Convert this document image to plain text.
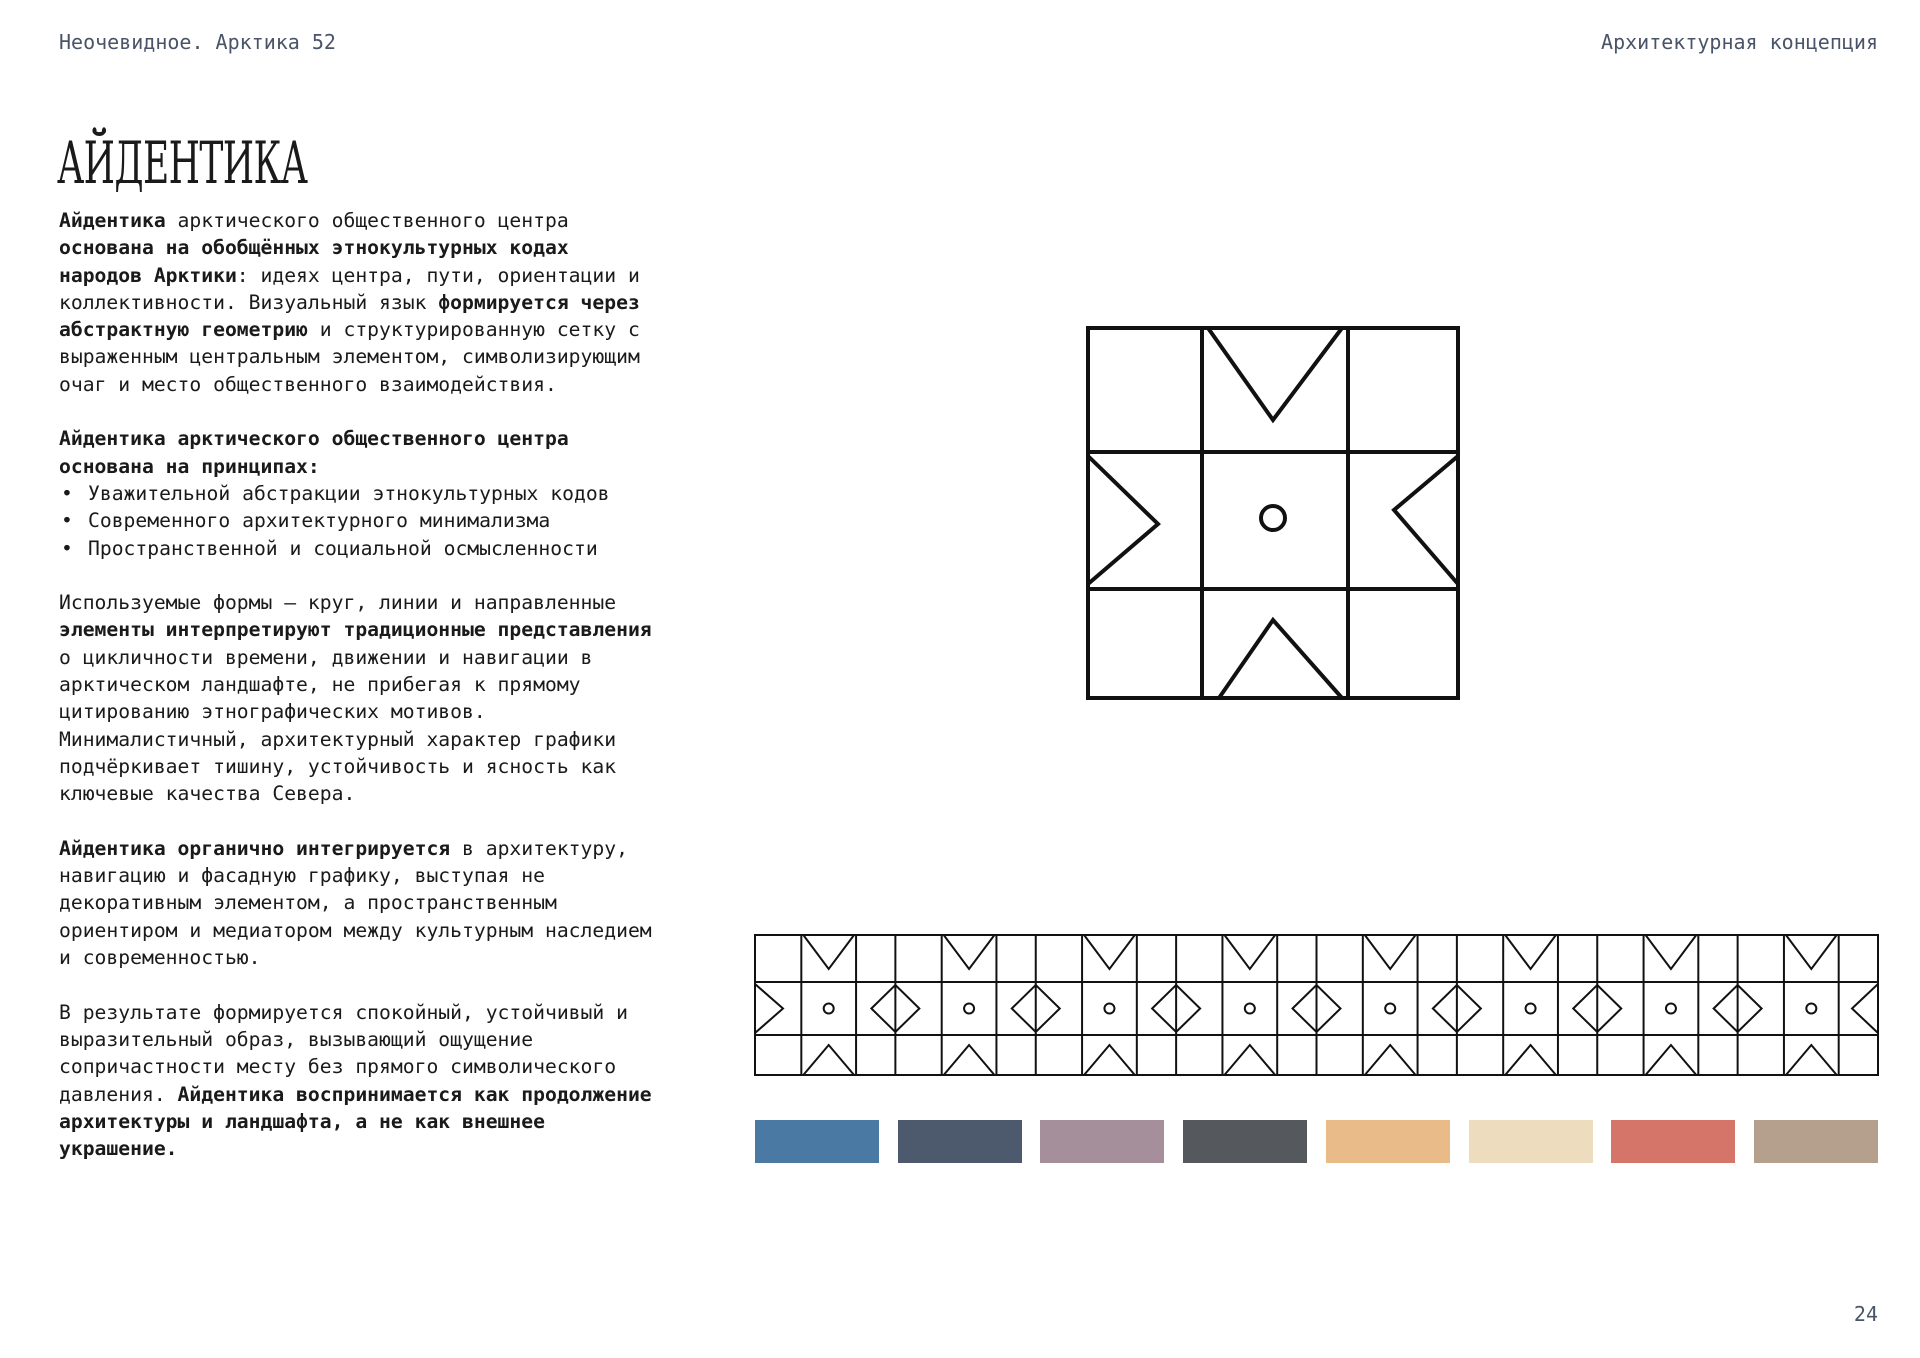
Неочевидное. Арктика 52	Архитектурная концепция
АЙДЕНТИКА

Айдентика арктического общественного центра основана на обобщённых этнокультурных кодах народов Арктики: идеях центра, пути, ориентации и коллективности. Визуальный язык формируется через абстрактную геометрию и структурированную сетку с выраженным центральным элементом, символизирующим очаг и место общественного взаимодействия.

Айдентика арктического общественного центра основана на принципах:

• Уважительной абстракции этнокультурных кодов
• Современного архитектурного минимализма
• Пространственной и социальной осмысленности

Используемые формы — круг, линии и направленные элементы интерпретируют традиционные представления о цикличности времени, движении и навигации в арктическом ландшафте, не прибегая к прямому цитированию этнографических мотивов. Минималистичный, архитектурный характер графики подчёркивает тишину, устойчивость и ясность как ключевые качества Севера.

Айдентика органично интегрируется в архитектуру, навигацию и фасадную графику, выступая не декоративным элементом, а пространственным ориентиром и медиатором между культурным наследием и современностью.

В результате формируется спокойный, устойчивый и выразительный образ, вызывающий ощущение сопричастности месту без прямого символического давления. Айдентика воспринимается как продолжение архитектуры и ландшафта, а не как внешнее украшение.

24
